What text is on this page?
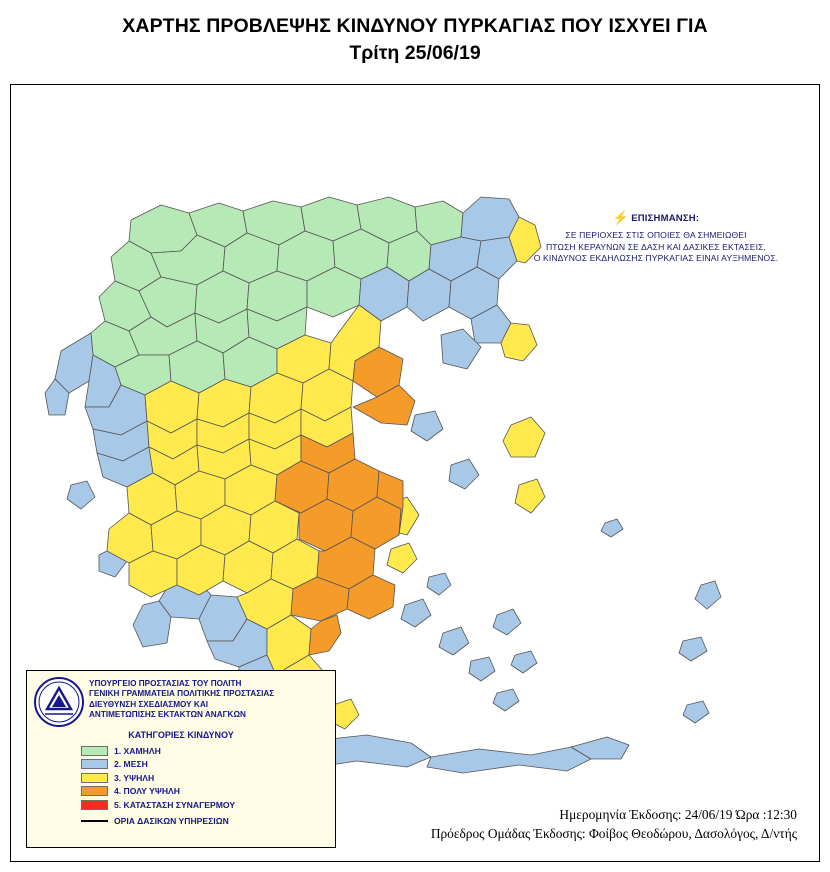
ΧΑΡΤΗΣ ΠΡΟΒΛΕΨΗΣ ΚΙΝΔΥΝΟΥ ΠΥΡΚΑΓΙΑΣ ΠΟΥ ΙΣΧΥΕΙ ΓΙΑ
Τρίτη 25/06/19
⚡ ΕΠΙΣΗΜΑΝΣΗ:
ΣΕ ΠΕΡΙΟΧΕΣ ΣΤΙΣ ΟΠΟΙΕΣ ΘΑ ΣΗΜΕΙΩΘΕΙ
ΠΤΩΣΗ ΚΕΡΑΥΝΩΝ ΣΕ ΔΑΣΗ ΚΑΙ ΔΑΣΙΚΕΣ ΕΚΤΑΣΕΙΣ,
Ο ΚΙΝΔΥΝΟΣ ΕΚΔΗΛΩΣΗΣ ΠΥΡΚΑΓΙΑΣ ΕΙΝΑΙ ΑΥΞΗΜΕΝΟΣ.
ΥΠΟΥΡΓΕΙΟ ΠΡΟΣΤΑΣΙΑΣ ΤΟΥ ΠΟΛΙΤΗ
ΓΕΝΙΚΗ ΓΡΑΜΜΑΤΕΙΑ ΠΟΛΙΤΙΚΗΣ ΠΡΟΣΤΑΣΙΑΣ
ΔΙΕΥΘΥΝΣΗ ΣΧΕΔΙΑΣΜΟΥ ΚΑΙ
ΑΝΤΙΜΕΤΩΠΙΣΗΣ ΕΚΤΑΚΤΩΝ ΑΝΑΓΚΩΝ
ΚΑΤΗΓΟΡΙΕΣ ΚΙΝΔΥΝΟΥ
1. ΧΑΜΗΛΗ
2. ΜΕΣΗ
3. ΥΨΗΛΗ
4. ΠΟΛΥ ΥΨΗΛΗ
5. ΚΑΤΑΣΤΑΣΗ ΣΥΝΑΓΕΡΜΟΥ
ΟΡΙΑ ΔΑΣΙΚΩΝ ΥΠΗΡΕΣΙΩΝ	Ημερομηνία Έκδοσης: 24/06/19 Ώρα :12:30
Πρόεδρος Ομάδας Έκδοσης: Φοίβος Θεοδώρου, Δασολόγος, Δ/ντής
